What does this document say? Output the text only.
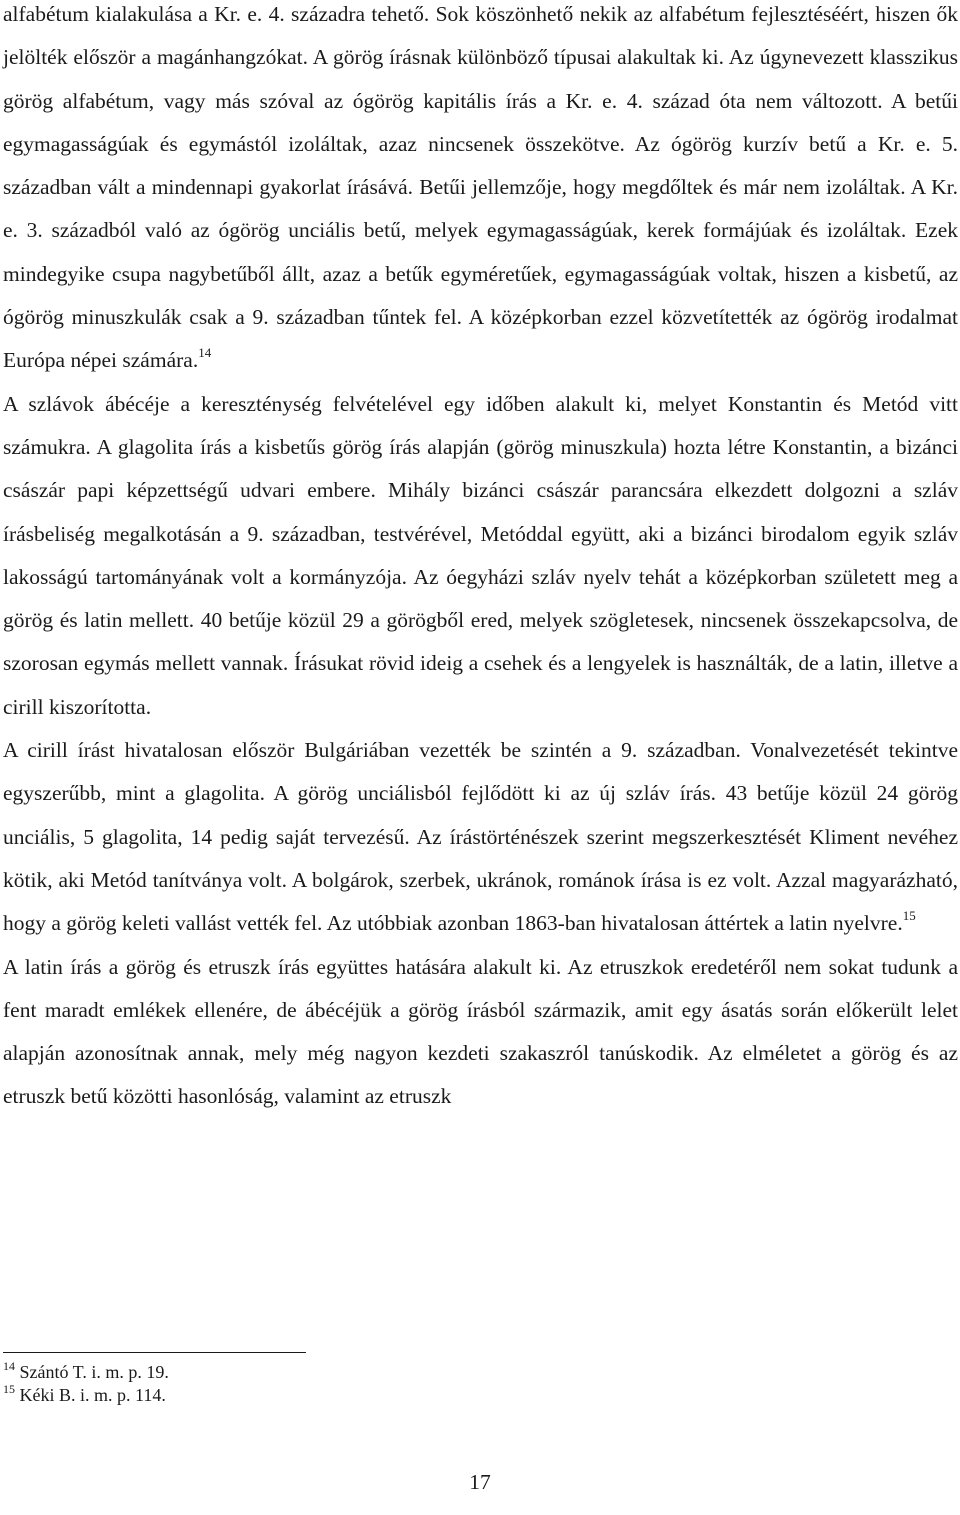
alfabétum kialakulása a Kr. e. 4. századra tehető. Sok köszönhető nekik az alfabétum fejlesztéséért, hiszen ők jelölték először a magánhangzókat. A görög írásnak különböző típusai alakultak ki. Az úgynevezett klasszikus görög alfabétum, vagy más szóval az ógörög kapitális írás a Kr. e. 4. század óta nem változott. A betűi egymagasságúak és egymástól izoláltak, azaz nincsenek összekötve. Az ógörög kurzív betű a Kr. e. 5. században vált a mindennapi gyakorlat írásává. Betűi jellemzője, hogy megdőltek és már nem izoláltak. A Kr. e. 3. századból való az ógörög unciális betű, melyek egymagasságúak, kerek formájúak és izoláltak. Ezek mindegyike csupa nagybetűből állt, azaz a betűk egyméretűek, egymagasságúak voltak, hiszen a kisbetű, az ógörög minuszkulák csak a 9. században tűntek fel. A középkorban ezzel közvetítették az ógörög irodalmat Európa népei számára.$^{14}$

A szlávok ábécéje a kereszténység felvételével egy időben alakult ki, melyet Konstantin és Metód vitt számukra. A glagolita írás a kisbetűs görög írás alapján (görög minuszkula) hozta létre Konstantin, a bizánci császár papi képzettségű udvari embere. Mihály bizánci császár parancsára elkezdett dolgozni a szláv írásbeliség megalkotásán a 9. században, testvérével, Metóddal együtt, aki a bizánci birodalom egyik szláv lakosságú tartományának volt a kormányzója. Az óegyházi szláv nyelv tehát a középkorban született meg a görög és latin mellett. 40 betűje közül 29 a görögből ered, melyek szögletesek, nincsenek összekapcsolva, de szorosan egymás mellett vannak. Írásukat rövid ideig a csehek és a lengyelek is használták, de a latin, illetve a cirill kiszorította.

A cirill írást hivatalosan először Bulgáriában vezették be szintén a 9. században. Vonalvezetését tekintve egyszerűbb, mint a glagolita. A görög unciálisból fejlődött ki az új szláv írás. 43 betűje közül 24 görög unciális, 5 glagolita, 14 pedig saját tervezésű. Az írástörténészek szerint megszerkesztését Kliment nevéhez kötik, aki Metód tanítványa volt. A bolgárok, szerbek, ukránok, románok írása is ez volt. Azzal magyarázható, hogy a görög keleti vallást vették fel. Az utóbbiak azonban 1863-ban hivatalosan áttértek a latin nyelvre.$^{15}$

A latin írás a görög és etruszk írás együttes hatására alakult ki. Az etruszkok eredetéről nem sokat tudunk a fent maradt emlékek ellenére, de ábécéjük a görög írásból származik, amit egy ásatás során előkerült lelet alapján azonosítnak annak, mely még nagyon kezdeti szakaszról tanúskodik. Az elméletet a görög és az etruszk betű közötti hasonlóság, valamint az etruszk

$^{14}$ Szántó T. i. m. p. 19.

$^{15}$ Kéki B. i. m. p. 114.

17
